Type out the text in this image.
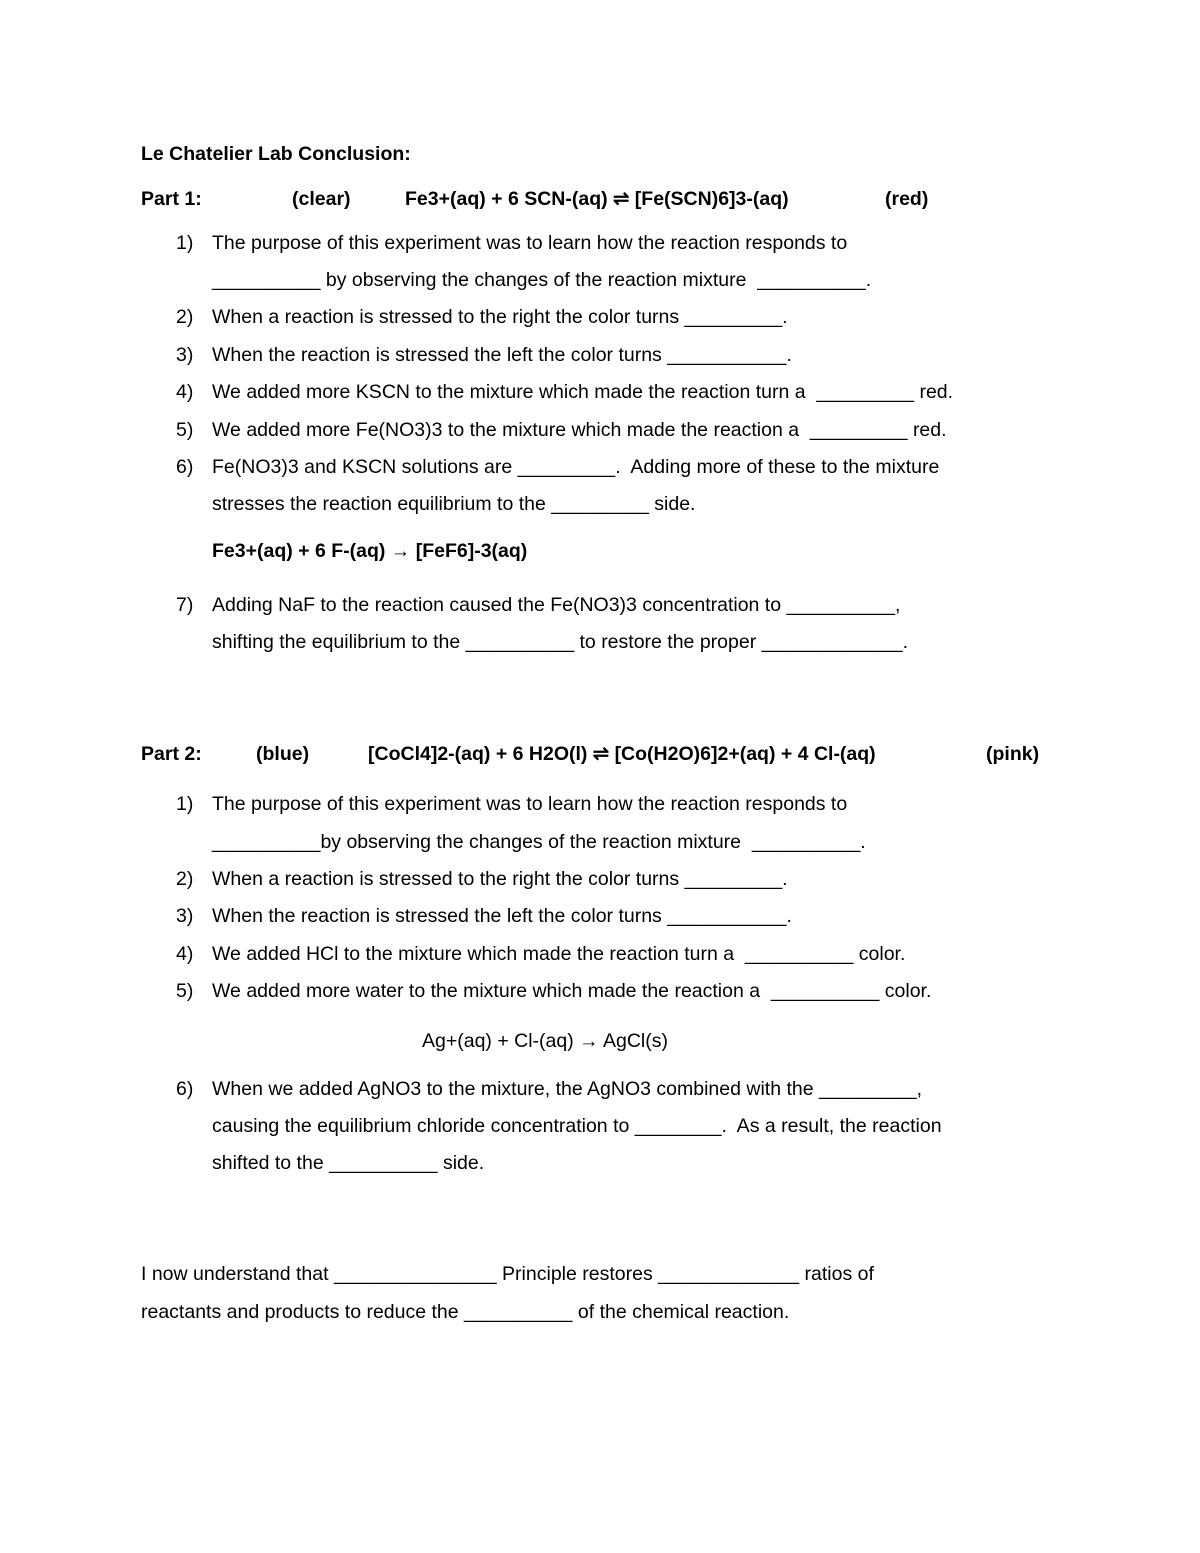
Le Chatelier Lab Conclusion:
Part 1:	(clear)	Fe3+(aq) + 6 SCN-(aq) ⇌ [Fe(SCN)6]3-(aq)	(red)
1) The purpose of this experiment was to learn how the reaction responds to
__________ by observing the changes of the reaction mixture  __________.
2) When a reaction is stressed to the right the color turns _________.
3) When the reaction is stressed the left the color turns ___________.
4) We added more KSCN to the mixture which made the reaction turn a  _________ red.
5) We added more Fe(NO3)3 to the mixture which made the reaction a  _________ red.
6) Fe(NO3)3 and KSCN solutions are _________.  Adding more of these to the mixture
stresses the reaction equilibrium to the _________ side.
Fe3+(aq) + 6 F-(aq) → [FeF6]-3(aq)
7) Adding NaF to the reaction caused the Fe(NO3)3 concentration to __________,
shifting the equilibrium to the __________ to restore the proper _____________.
Part 2:	(blue)	[CoCl4]2-(aq) + 6 H2O(l) ⇌ [Co(H2O)6]2+(aq) + 4 Cl-(aq)	(pink)
1) The purpose of this experiment was to learn how the reaction responds to
__________by observing the changes of the reaction mixture  __________.
2) When a reaction is stressed to the right the color turns _________.
3) When the reaction is stressed the left the color turns ___________.
4) We added HCl to the mixture which made the reaction turn a  __________ color.
5) We added more water to the mixture which made the reaction a  __________ color.
Ag+(aq) + Cl-(aq) → AgCl(s)
6) When we added AgNO3 to the mixture, the AgNO3 combined with the _________,
causing the equilibrium chloride concentration to ________.  As a result, the reaction
shifted to the __________ side.
I now understand that _______________ Principle restores _____________ ratios of
reactants and products to reduce the __________ of the chemical reaction.
